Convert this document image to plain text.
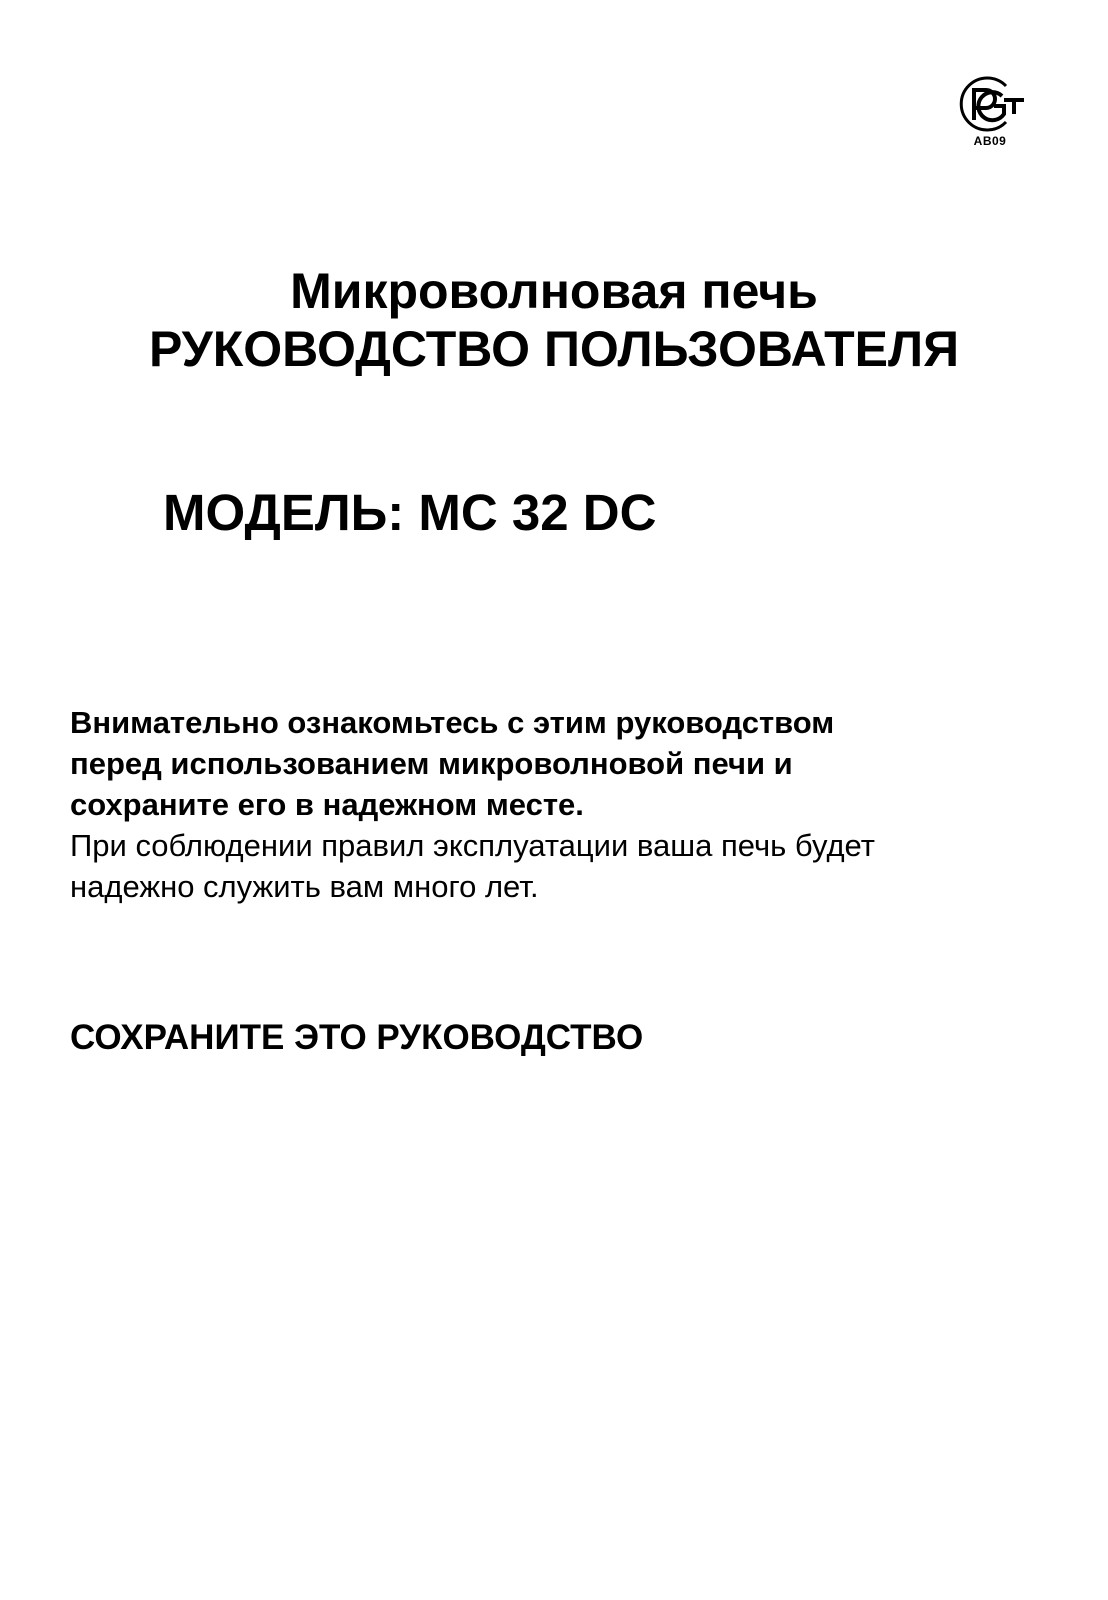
AB09
Микроволновая печь
РУКОВОДСТВО ПОЛЬЗОВАТЕЛЯ
МОДЕЛЬ: MC 32 DC
Внимательно ознакомьтесь с этим руководством
перед использованием микроволновой печи и
сохраните его в надежном месте.
При соблюдении правил эксплуатации ваша печь будет
надежно служить вам много лет.
СОХРАНИТЕ ЭТО РУКОВОДСТВО
